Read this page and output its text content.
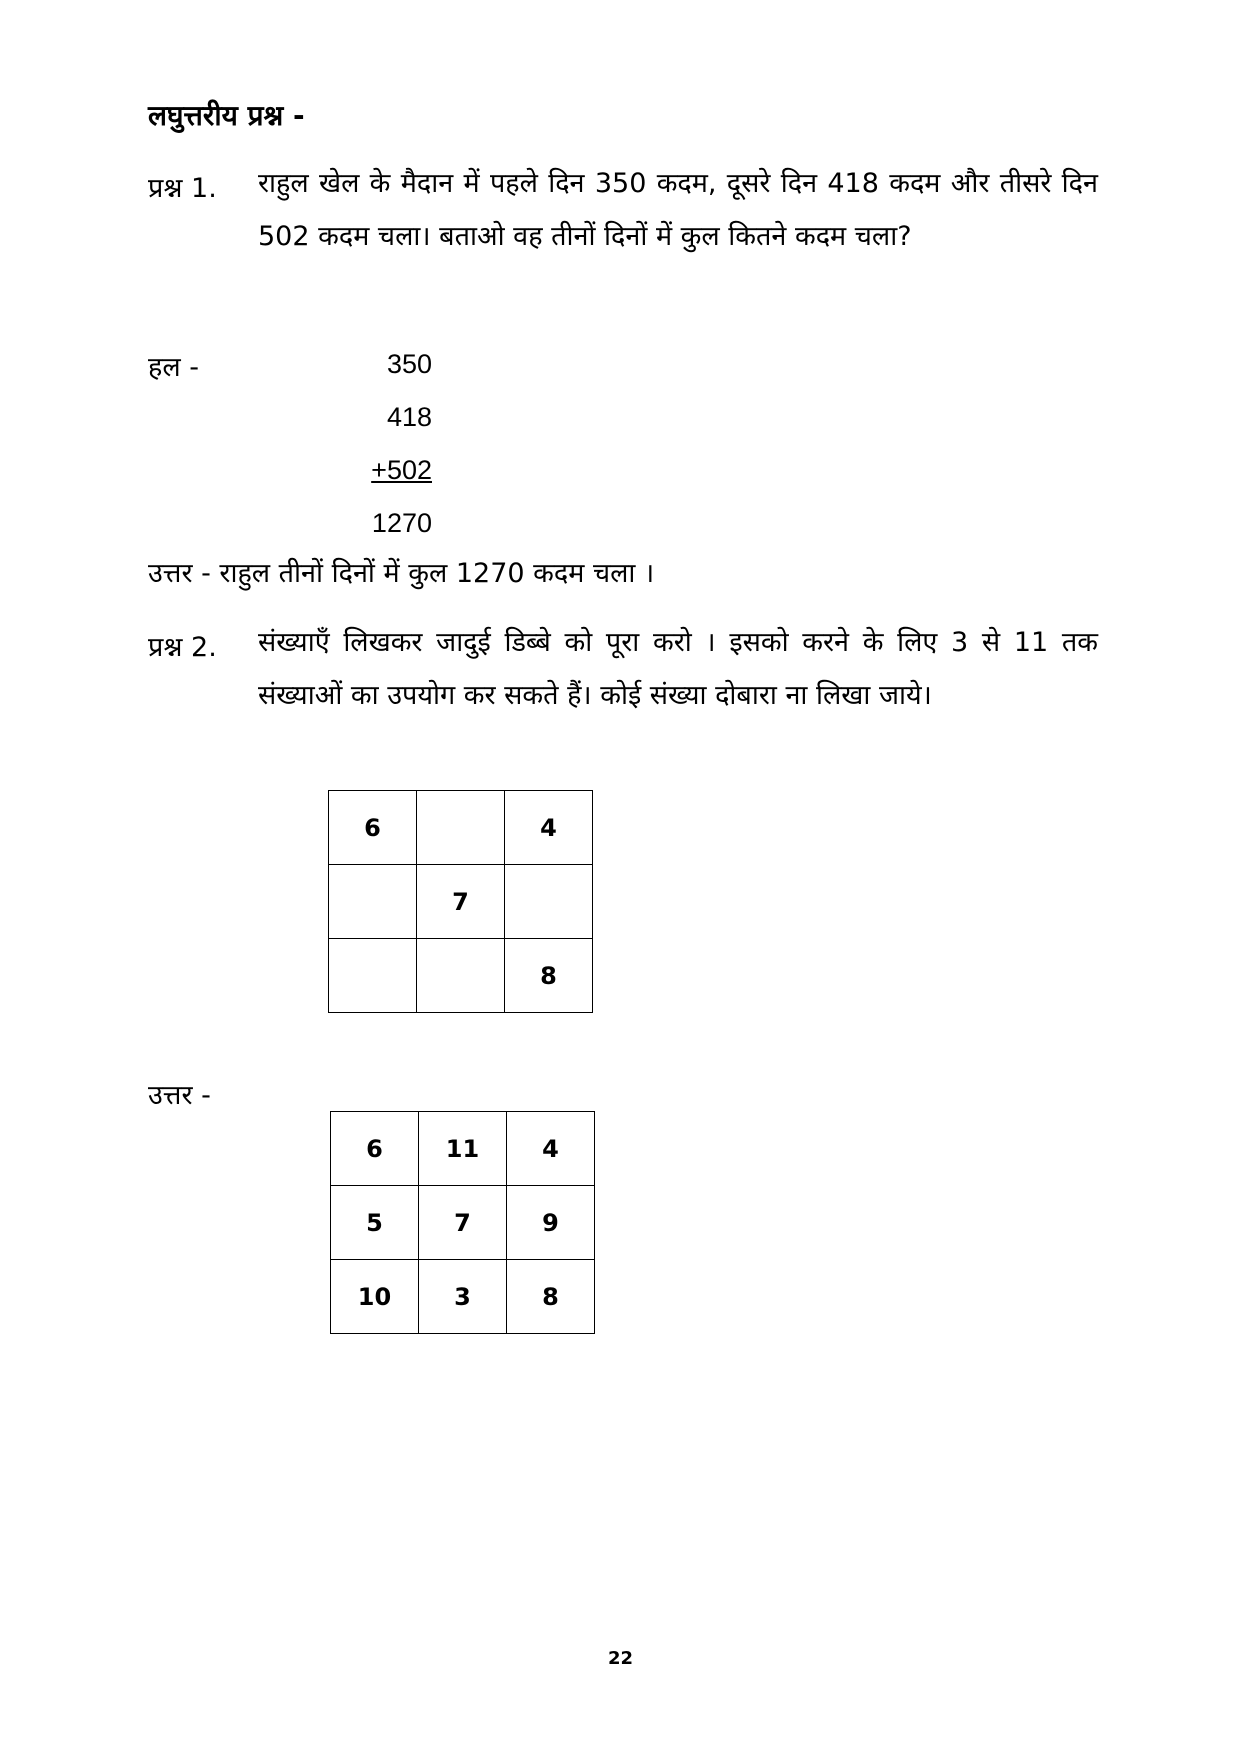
लघुत्तरीय प्रश्न -
प्रश्न 1. राहुल खेल के मैदान में पहले दिन 350 कदम, दूसरे दिन 418 कदम और तीसरे दिन 502 कदम चला। बताओ वह तीनों दिनों में कुल कितने कदम चला?
हल -	350
418
+502
1270
उत्तर - राहुल तीनों दिनों में कुल 1270 कदम चला ।
प्रश्न 2. संख्याएँ लिखकर जादुई डिब्बे को पूरा करो । इसको करने के लिए 3 से 11 तक संख्याओं का उपयोग कर सकते हैं। कोई संख्या दोबारा ना लिखा जाये।
6		4
	7	
		8
उत्तर -
6	11	4
5	7	9
10	3	8
22
